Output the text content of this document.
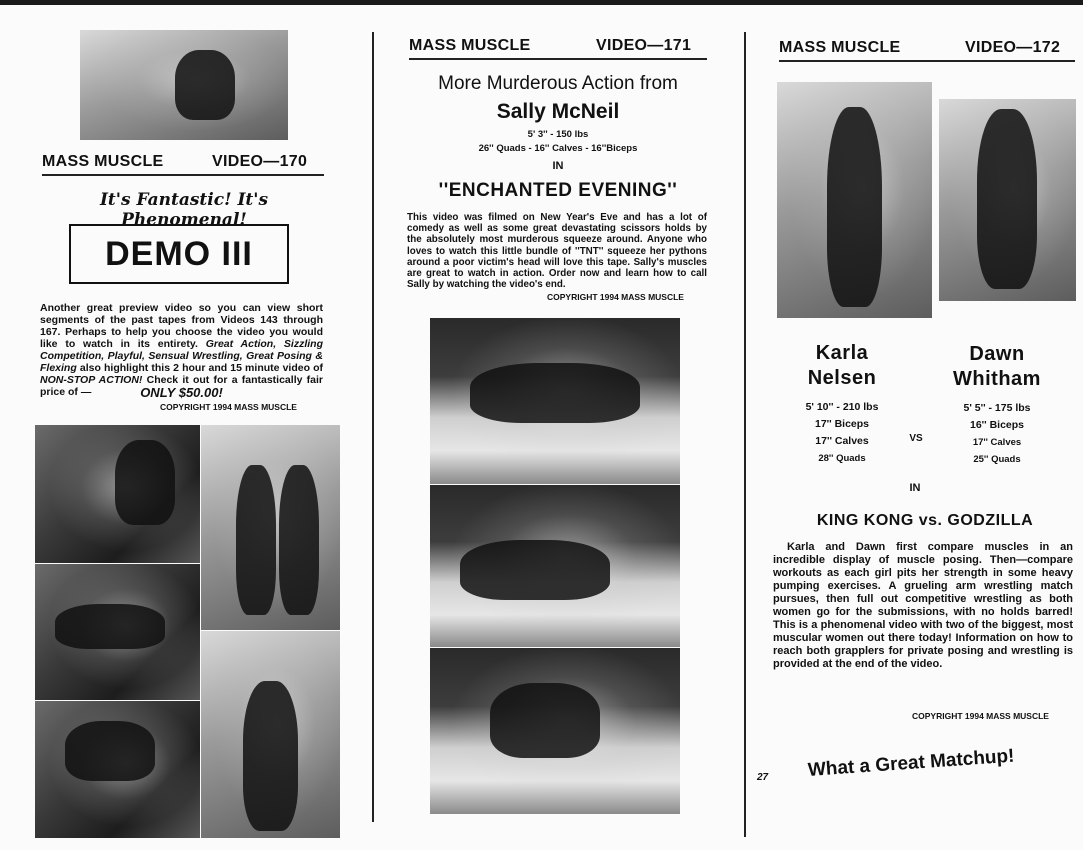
MASS MUSCLE	VIDEO—170
It's Fantastic! It's Phenomenal!
DEMO III
Another great preview video so you can view short segments of the past tapes from Videos 143 through 167. Perhaps to help you choose the video you would like to watch in its entirety. Great Action, Sizzling Competition, Playful, Sensual Wrestling, Great Posing & Flexing also highlight this 2 hour and 15 minute video of NON-STOP ACTION! Check it out for a fantastically fair price of —	ONLY $50.00!
COPYRIGHT 1994 MASS MUSCLE
MASS MUSCLE	VIDEO—171
More Murderous Action from
Sally McNeil
5' 3'' - 150 lbs
26'' Quads - 16'' Calves - 16''Biceps
IN
''ENCHANTED EVENING''
This video was filmed on New Year's Eve and has a lot of comedy as well as some great devastating scissors holds by the absolutely most murderous squeeze around. Anyone who loves to watch this little bundle of ''TNT'' squeeze her pythons around a poor victim's head will love this tape. Sally's muscles are great to watch in action. Order now and learn how to call Sally by watching the video's end.
COPYRIGHT 1994 MASS MUSCLE
MASS MUSCLE	VIDEO—172
Karla
Nelsen
Dawn
Whitham
5' 10'' - 210 lbs
17'' Biceps
17'' Calves
28'' Quads
VS
5' 5'' - 175 lbs
16'' Biceps
17'' Calves
25'' Quads
IN
KING KONG vs. GODZILLA
Karla and Dawn first compare muscles in an incredible display of muscle posing. Then—compare workouts as each girl pits her strength in some heavy pumping exercises. A grueling arm wrestling match pursues, then full out competitive wrestling as both women go for the submissions, with no holds barred! This is a phenomenal video with two of the biggest, most muscular women out there today! Information on how to reach both grapplers for private posing and wrestling is provided at the end of the video.
COPYRIGHT 1994 MASS MUSCLE
27 What a Great Matchup!
